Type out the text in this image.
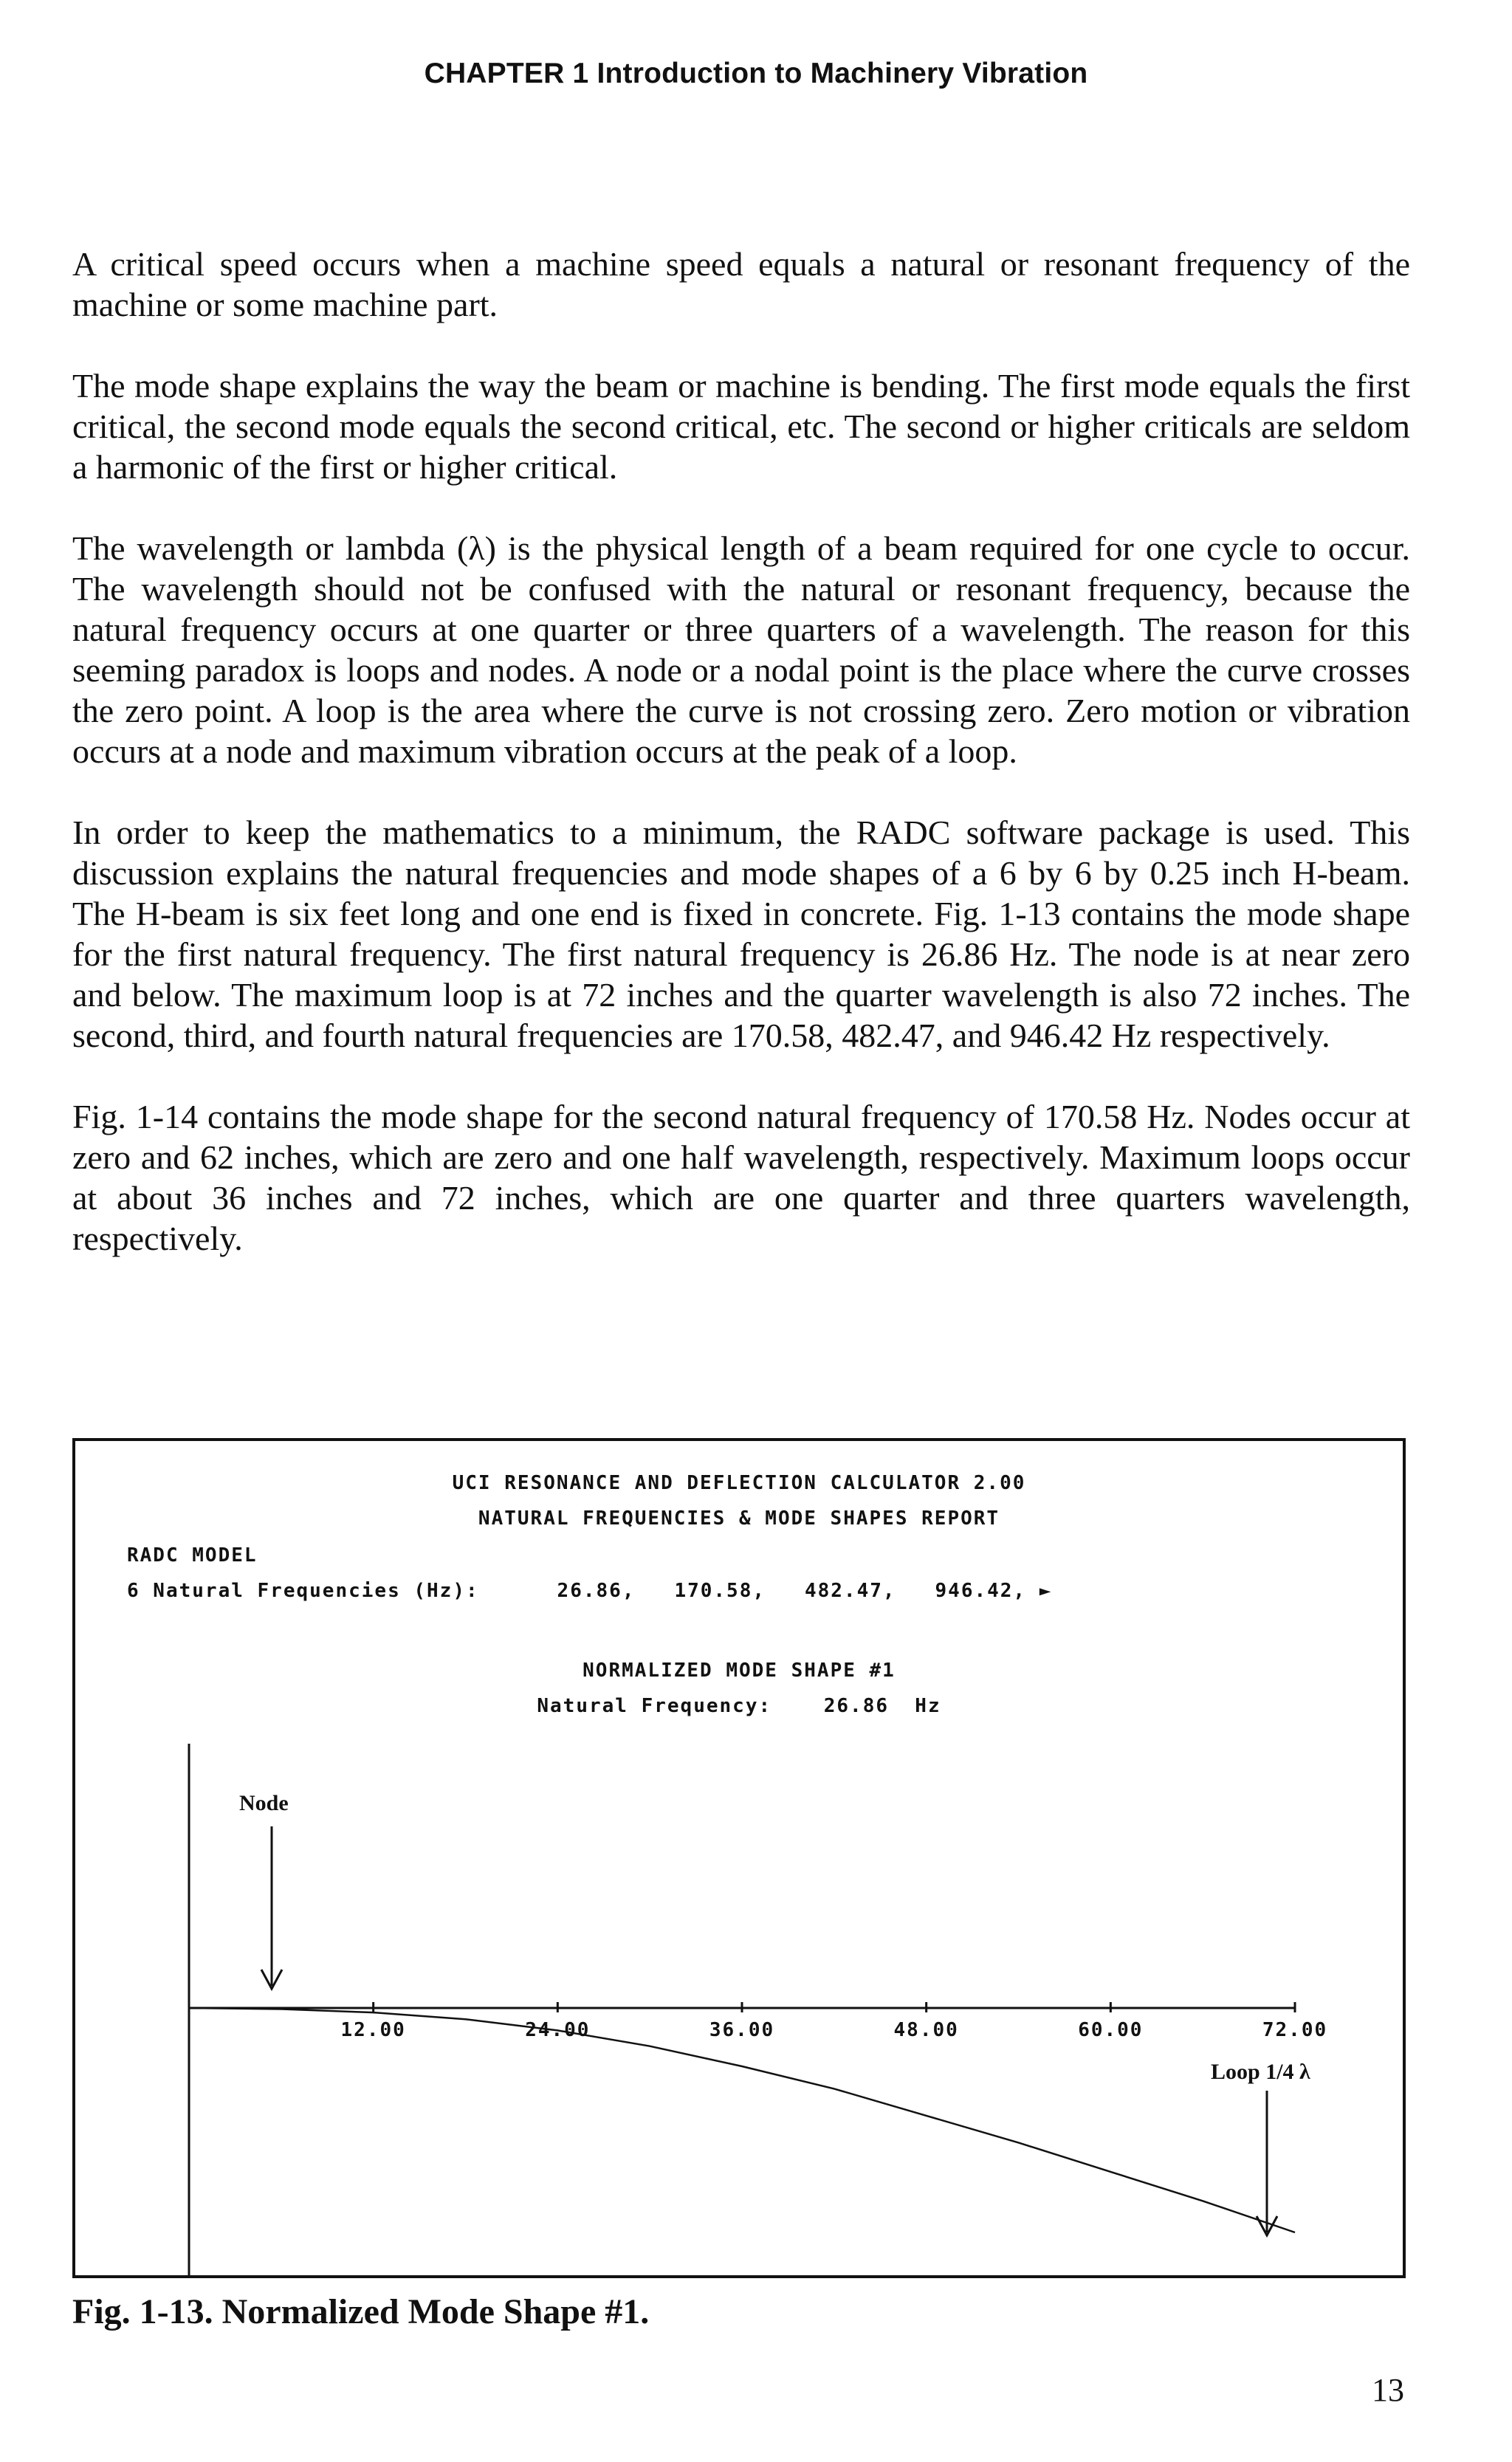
CHAPTER 1 Introduction to Machinery Vibration

A critical speed occurs when a machine speed equals a natural or resonant frequency of the machine or some machine part.

The mode shape explains the way the beam or machine is bending. The first mode equals the first critical, the second mode equals the second critical, etc. The second or higher criticals are seldom a harmonic of the first or higher critical.

The wavelength or lambda (λ) is the physical length of a beam required for one cycle to occur. The wavelength should not be confused with the natural or resonant frequency, because the natural frequency occurs at one quarter or three quarters of a wavelength. The reason for this seeming paradox is loops and nodes. A node or a nodal point is the place where the curve crosses the zero point. A loop is the area where the curve is not crossing zero. Zero motion or vibration occurs at a node and maximum vibration occurs at the peak of a loop.

In order to keep the mathematics to a minimum, the RADC software package is used. This discussion explains the natural frequencies and mode shapes of a 6 by 6 by 0.25 inch H-beam. The H-beam is six feet long and one end is fixed in concrete. Fig. 1-13 contains the mode shape for the first natural frequency. The first natural frequency is 26.86 Hz. The node is at near zero and below. The maximum loop is at 72 inches and the quarter wavelength is also 72 inches. The second, third, and fourth natural frequencies are 170.58, 482.47, and 946.42 Hz respectively.

Fig. 1-14 contains the mode shape for the second natural frequency of 170.58 Hz. Nodes occur at zero and 62 inches, which are zero and one half wavelength, respectively. Maximum loops occur at about 36 inches and 72 inches, which are one quarter and three quarters wavelength, respectively.

UCI RESONANCE AND DEFLECTION CALCULATOR 2.00
NATURAL FREQUENCIES & MODE SHAPES REPORT
RADC MODEL
6 Natural Frequencies (Hz):      26.86,   170.58,   482.47,   946.42, ►
NORMALIZED MODE SHAPE #1
Natural Frequency:    26.86  Hz
12.00	24.00	36.00	48.00	60.00	72.00
Node
Loop 1/4 λ
Fig. 1-13. Normalized Mode Shape #1.
13
